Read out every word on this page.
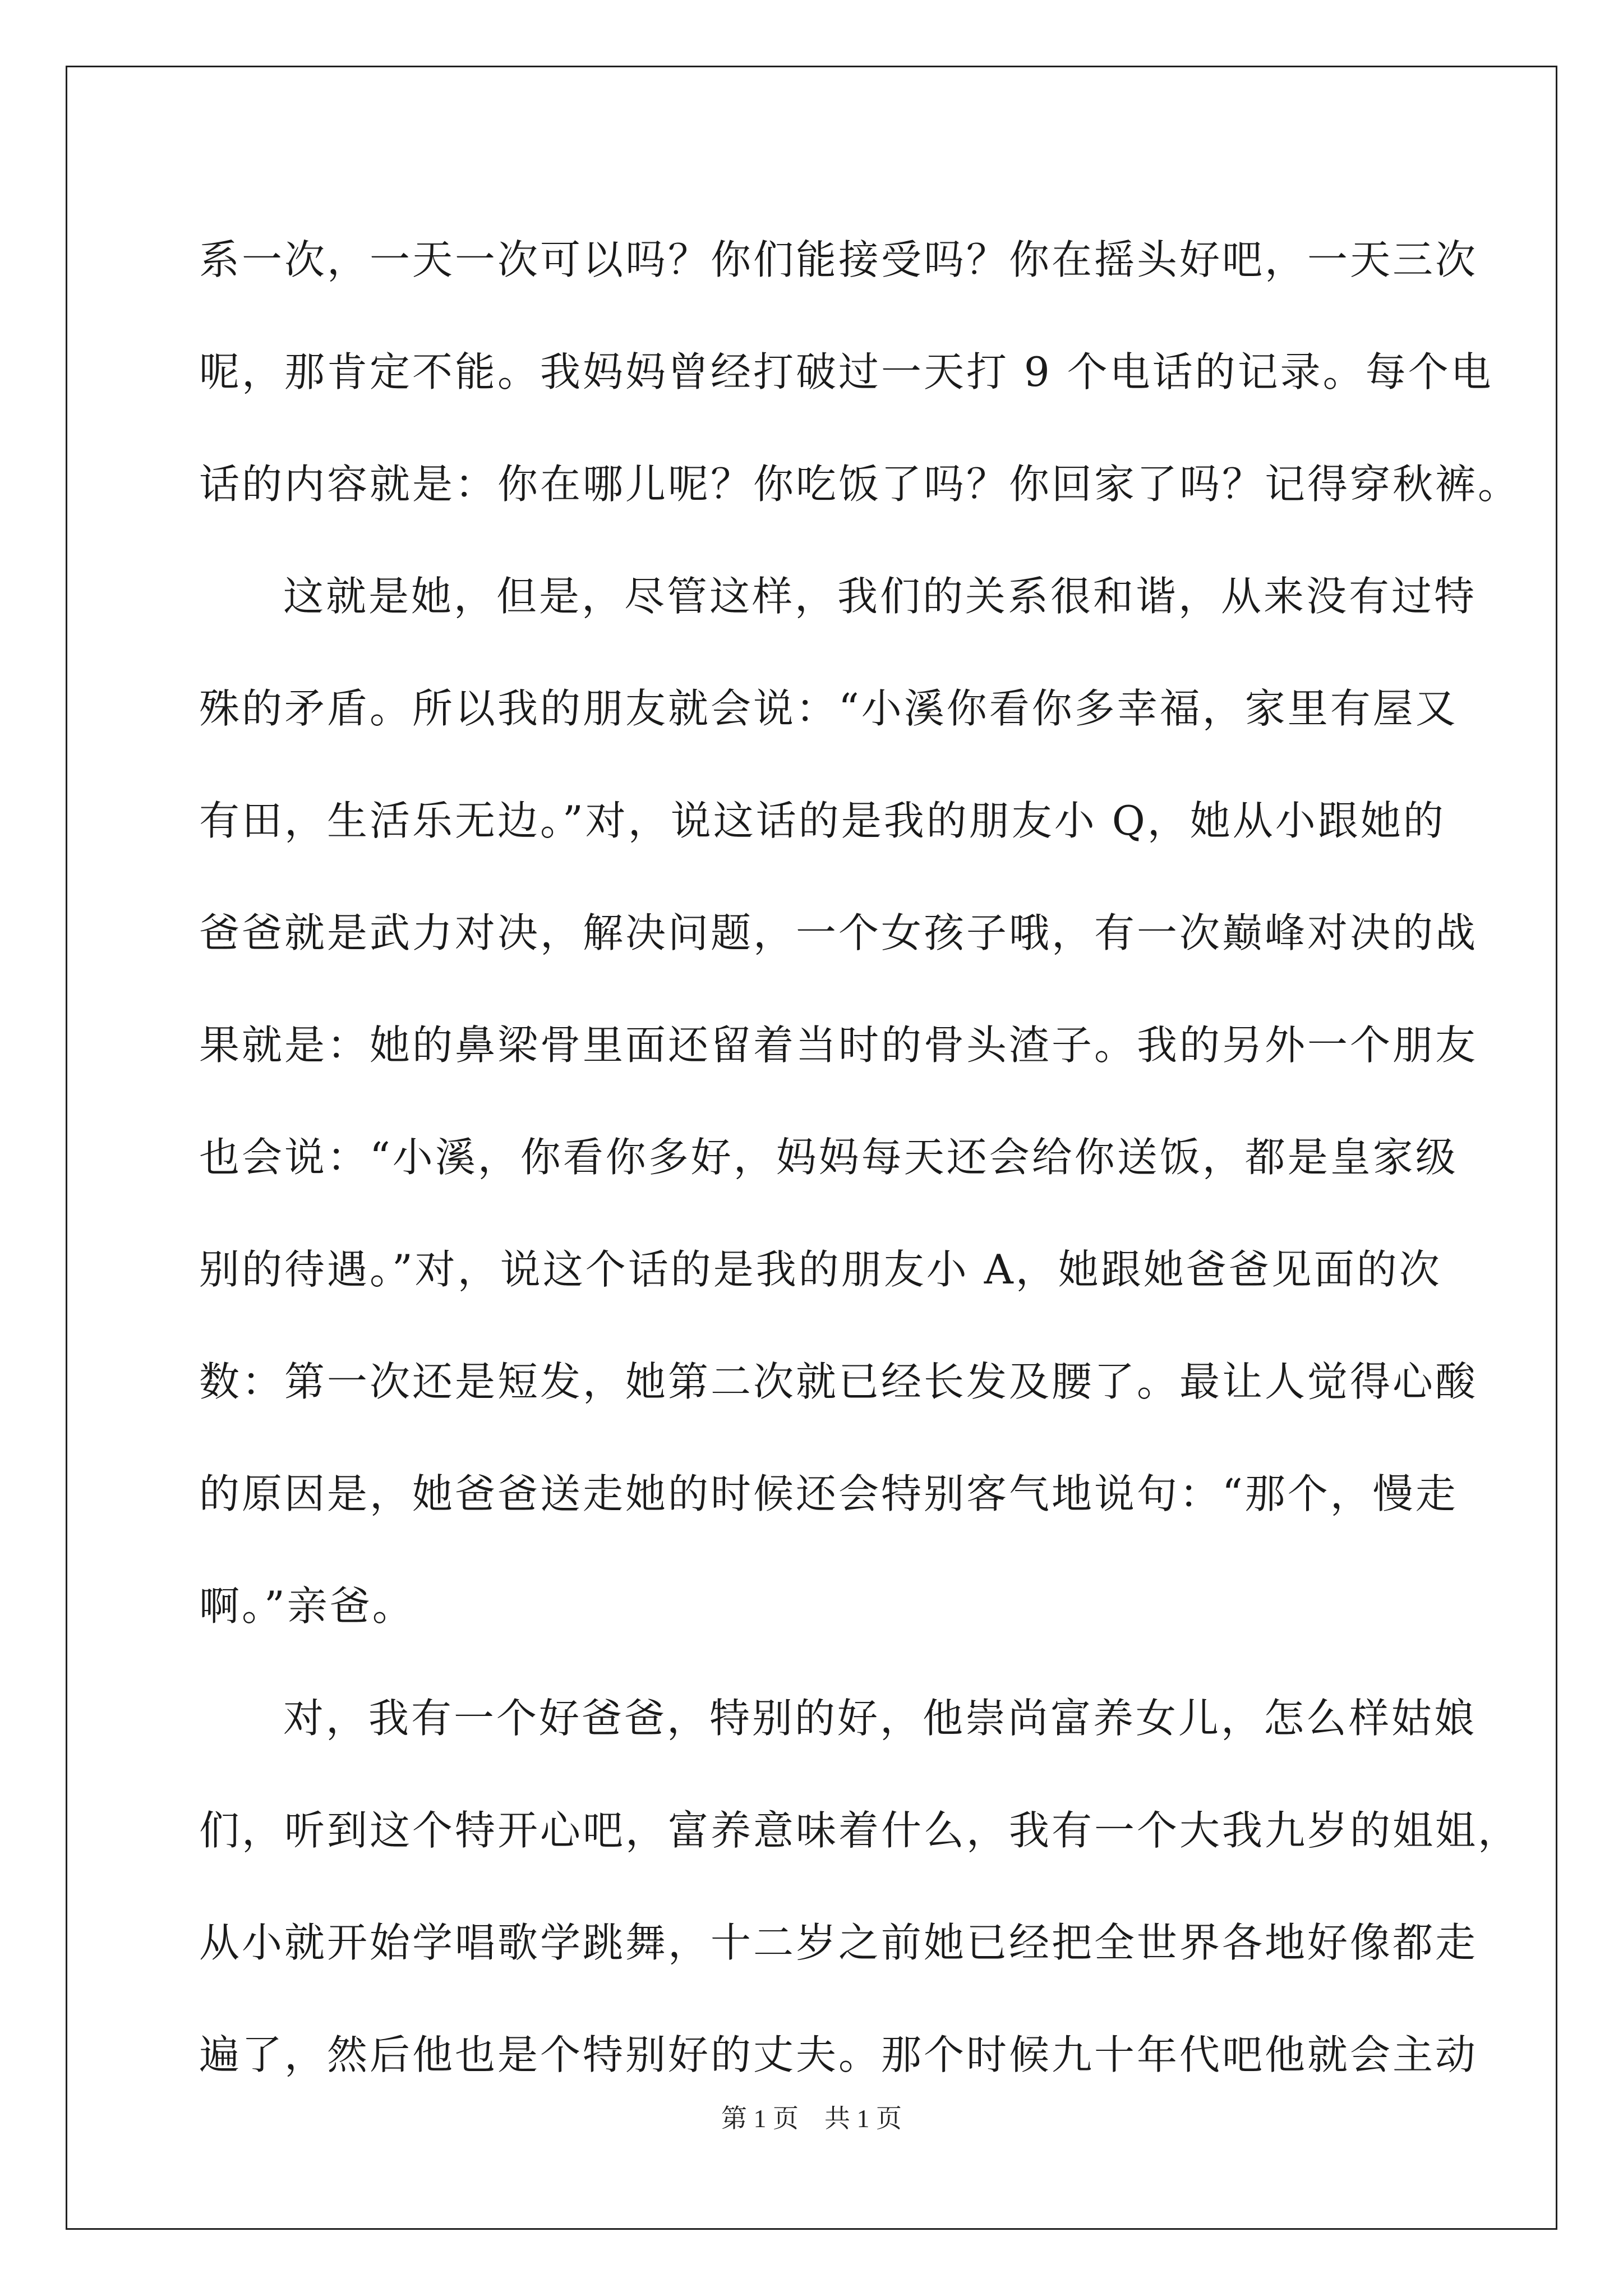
系一次，一天一次可以吗？你们能接受吗？你在摇头好吧，一天三次
呢，那肯定不能。我妈妈曾经打破过一天打 9 个电话的记录。每个电
话的内容就是：你在哪儿呢？你吃饭了吗？你回家了吗？记得穿秋裤。
这就是她，但是，尽管这样，我们的关系很和谐，从来没有过特
殊的矛盾。所以我的朋友就会说：“小溪你看你多幸福，家里有屋又
有田，生活乐无边。”对，说这话的是我的朋友小 Q，她从小跟她的
爸爸就是武力对决，解决问题，一个女孩子哦，有一次巅峰对决的战
果就是：她的鼻梁骨里面还留着当时的骨头渣子。我的另外一个朋友
也会说：“小溪，你看你多好，妈妈每天还会给你送饭，都是皇家级
别的待遇。”对，说这个话的是我的朋友小 A，她跟她爸爸见面的次
数：第一次还是短发，她第二次就已经长发及腰了。最让人觉得心酸
的原因是，她爸爸送走她的时候还会特别客气地说句：“那个，慢走
啊。”亲爸。
对，我有一个好爸爸，特别的好，他崇尚富养女儿，怎么样姑娘
们，听到这个特开心吧，富养意味着什么，我有一个大我九岁的姐姐，
从小就开始学唱歌学跳舞，十二岁之前她已经把全世界各地好像都走
遍了，然后他也是个特别好的丈夫。那个时候九十年代吧他就会主动
第 1 页　共 1 页
